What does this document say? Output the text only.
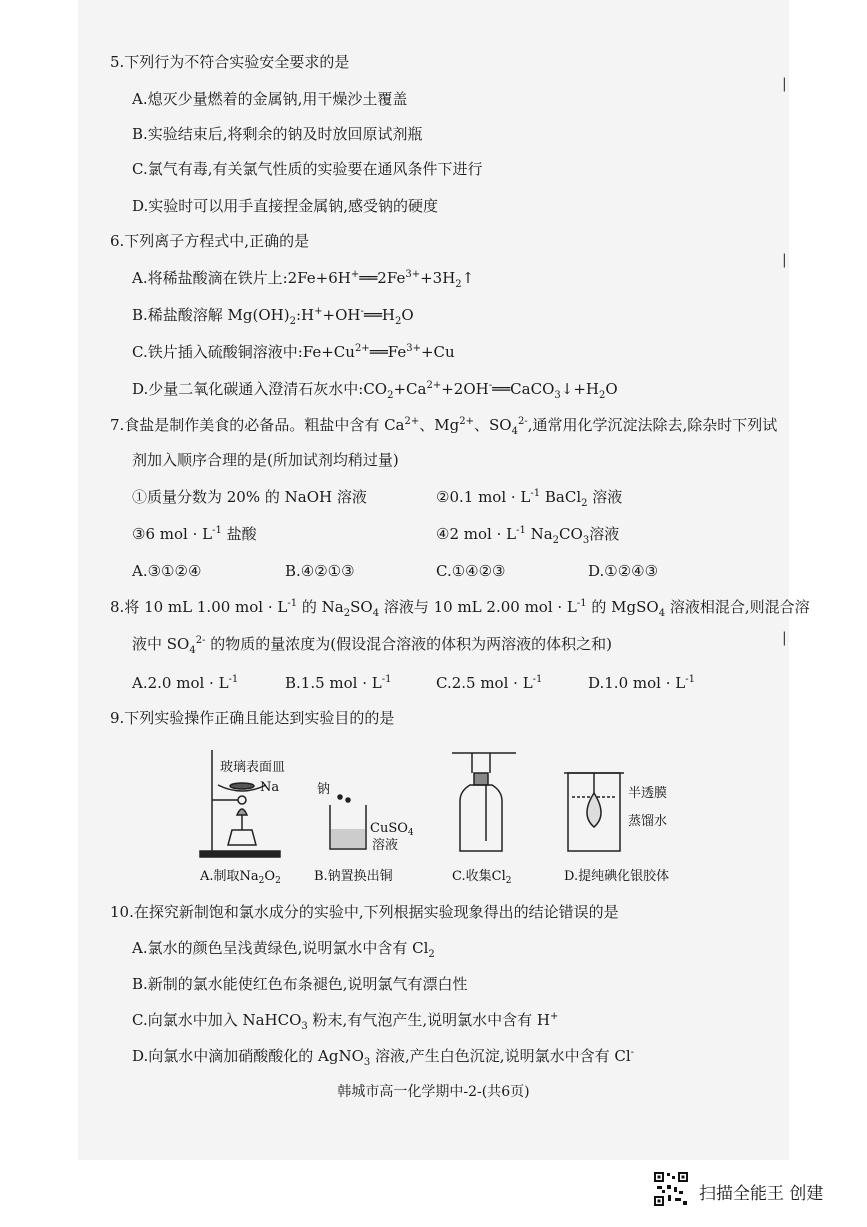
5.下列行为不符合实验安全要求的是
A.熄灭少量燃着的金属钠,用干燥沙土覆盖
B.实验结束后,将剩余的钠及时放回原试剂瓶
C.氯气有毒,有关氯气性质的实验要在通风条件下进行
D.实验时可以用手直接捏金属钠,感受钠的硬度
6.下列离子方程式中,正确的是
A.将稀盐酸滴在铁片上$:2Fe+6H^+══2Fe^{3+}+3H_2↑$
B.稀盐酸溶解 $Mg(OH)_2:H^++OH^-══H_2O$
C.铁片插入硫酸铜溶液中$:Fe+Cu^{2+}══Fe^{3+}+Cu$
D.少量二氧化碳通入澄清石灰水中$:CO_2+Ca^{2+}+2OH^-══CaCO_3↓+H_2O$
7.食盐是制作美食的必备品。粗盐中含有 $Ca^{2+}$、$Mg^{2+}$、$SO_4^{2-}$,通常用化学沉淀法除去,除杂时下列试
剂加入顺序合理的是(所加试剂均稍过量)
①质量分数为 20% 的 NaOH 溶液	②0.1 mol · $L^{-1}$ BaCl$_2$ 溶液
③6 mol · $L^{-1}$ 盐酸	④2 mol · $L^{-1}$ $Na_2CO_3$溶液
A.③①②④	B.④②①③	C.①④②③	D.①②④③
8.将 10 mL 1.00 mol · $L^{-1}$ 的 $Na_2SO_4$ 溶液与 10 mL 2.00 mol · $L^{-1}$ 的 MgSO$_4$ 溶液相混合,则混合溶
液中 $SO_4^{2-}$ 的物质的量浓度为(假设混合溶液的体积为两溶液的体积之和)
A.2.0 mol · $L^{-1}$	B.1.5 mol · $L^{-1}$	C.2.5 mol · $L^{-1}$	D.1.0 mol · $L^{-1}$
9.下列实验操作正确且能达到实验目的的是
玻璃表面皿
Na	钠
CuSO$_4$
溶液
半透膜
蒸馏水
A.制取$Na_2O_2$	B.钠置换出铜	C.收集$Cl_2$	D.提纯碘化银胶体
10.在探究新制饱和氯水成分的实验中,下列根据实验现象得出的结论错误的是
A.氯水的颜色呈浅黄绿色,说明氯水中含有 $Cl_2$
B.新制的氯水能使红色布条褪色,说明氯气有漂白性
C.向氯水中加入 NaHCO$_3$ 粉末,有气泡产生,说明氯水中含有 H+
D.向氯水中滴加硝酸酸化的 AgNO$_3$ 溶液,产生白色沉淀,说明氯水中含有 Cl-
|
|
|
韩城市高一化学期中-2-(共6页)
扫描全能王 创建
